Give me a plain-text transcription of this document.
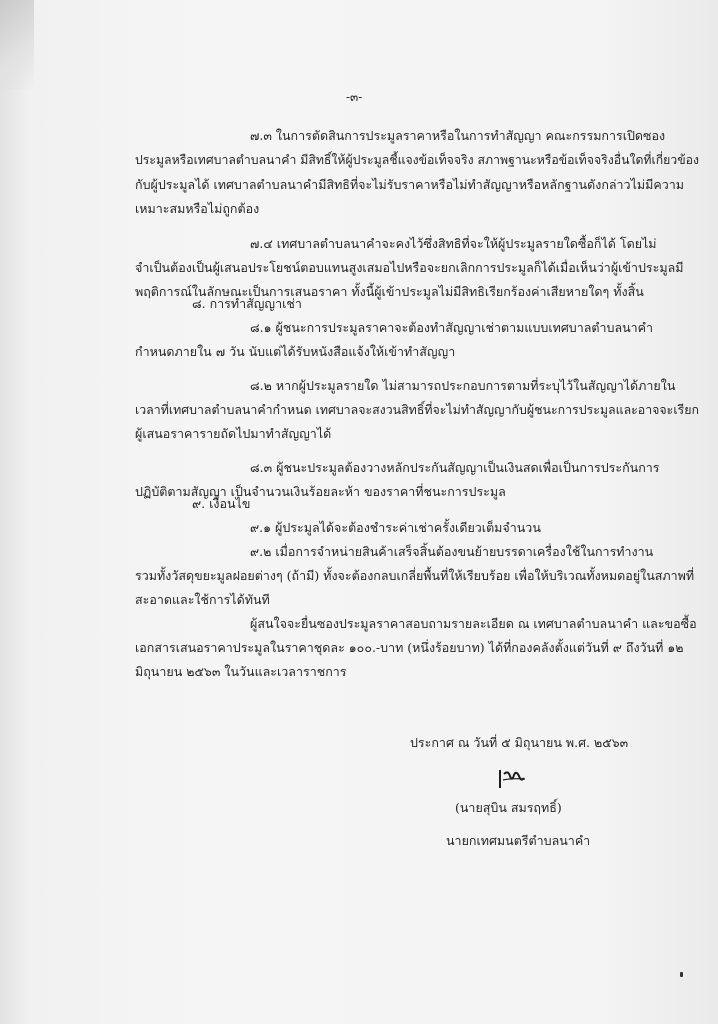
-๓-
๗.๓ ในการตัดสินการประมูลราคาหรือในการทำสัญญา คณะกรรมการเปิดซอง
ประมูลหรือเทศบาลตำบลนาคำ มีสิทธิ์ให้ผู้ประมูลชี้แจงข้อเท็จจริง สภาพฐานะหรือข้อเท็จจริงอื่นใดที่เกี่ยวข้อง
กับผู้ประมูลได้ เทศบาลตำบลนาคำมีสิทธิที่จะไม่รับราคาหรือไม่ทำสัญญาหรือหลักฐานดังกล่าวไม่มีความ
เหมาะสมหรือไม่ถูกต้อง
๗.๔ เทศบาลตำบลนาคำจะคงไว้ซึ่งสิทธิที่จะให้ผู้ประมูลรายใดซื้อก็ได้ โดยไม่
จำเป็นต้องเป็นผู้เสนอประโยชน์ตอบแทนสูงเสมอไปหรือจะยกเลิกการประมูลก็ได้เมื่อเห็นว่าผู้เข้าประมูลมี
พฤติการณ์ในลักษณะเป็นการเสนอราคา ทั้งนี้ผู้เข้าประมูลไม่มีสิทธิเรียกร้องค่าเสียหายใดๆ ทั้งสิ้น
๘. การทำสัญญาเช่า
๘.๑ ผู้ชนะการประมูลราคาจะต้องทำสัญญาเช่าตามแบบเทศบาลตำบลนาคำ
กำหนดภายใน ๗ วัน นับแต่ได้รับหนังสือแจ้งให้เข้าทำสัญญา
๘.๒ หากผู้ประมูลรายใด ไม่สามารถประกอบการตามที่ระบุไว้ในสัญญาได้ภายใน
เวลาที่เทศบาลตำบลนาคำกำหนด เทศบาลจะสงวนสิทธิ์ที่จะไม่ทำสัญญากับผู้ชนะการประมูลและอาจจะเรียก
ผู้เสนอราคารายถัดไปมาทำสัญญาได้
๘.๓ ผู้ชนะประมูลต้องวางหลักประกันสัญญาเป็นเงินสดเพื่อเป็นการประกันการ
ปฏิบัติตามสัญญา เป็นจำนวนเงินร้อยละห้า ของราคาที่ชนะการประมูล
๙. เงื่อนไข
๙.๑ ผู้ประมูลได้จะต้องชำระค่าเช่าครั้งเดียวเต็มจำนวน
๙.๒ เมื่อการจำหน่ายสินค้าเสร็จสิ้นต้องขนย้ายบรรดาเครื่องใช้ในการทำงาน
รวมทั้งวัสดุขยะมูลฝอยต่างๆ (ถ้ามี) ทั้งจะต้องกลบเกลี่ยพื้นที่ให้เรียบร้อย เพื่อให้บริเวณทั้งหมดอยู่ในสภาพที่
สะอาดและใช้การได้ทันที
ผู้สนใจจะยื่นซองประมูลราคาสอบถามรายละเอียด ณ เทศบาลตำบลนาคำ และขอซื้อ
เอกสารเสนอราคาประมูลในราคาชุดละ ๑๐๐.-บาท (หนึ่งร้อยบาท) ได้ที่กองคลังตั้งแต่วันที่ ๙ ถึงวันที่ ๑๒
มิถุนายน ๒๕๖๓ ในวันและเวลาราชการ
ประกาศ ณ วันที่ ๕ มิถุนายน พ.ศ. ๒๕๖๓
(นายสุบิน สมรฤทธิ์)
นายกเทศมนตรีตำบลนาคำ
